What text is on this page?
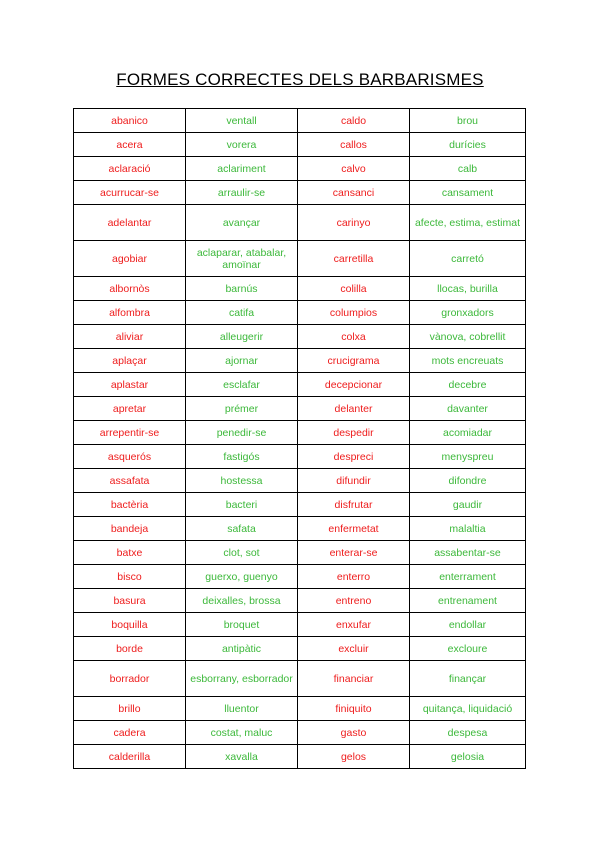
FORMES CORRECTES DELS BARBARISMES
abanico	ventall	caldo	brou
acera	vorera	callos	durícies
aclaració	aclariment	calvo	calb
acurrucar-se	arraulir-se	cansanci	cansament
adelantar	avançar	carinyo	afecte, estima, estimat
agobiar	aclaparar, atabalar, amoïnar	carretilla	carretó
albornòs	barnús	colilla	llocas, burilla
alfombra	catifa	columpios	gronxadors
aliviar	alleugerir	colxa	vànova, cobrellit
aplaçar	ajornar	crucigrama	mots encreuats
aplastar	esclafar	decepcionar	decebre
apretar	prémer	delanter	davanter
arrepentir-se	penedir-se	despedir	acomiadar
asquerós	fastigós	despreci	menyspreu
assafata	hostessa	difundir	difondre
bactèria	bacteri	disfrutar	gaudir
bandeja	safata	enfermetat	malaltia
batxe	clot, sot	enterar-se	assabentar-se
bisco	guerxo, guenyo	enterro	enterrament
basura	deixalles, brossa	entreno	entrenament
boquilla	broquet	enxufar	endollar
borde	antipàtic	excluir	excloure
borrador	esborrany, esborrador	financiar	finançar
brillo	lluentor	finiquito	quitança, liquidació
cadera	costat, maluc	gasto	despesa
calderilla	xavalla	gelos	gelosia
